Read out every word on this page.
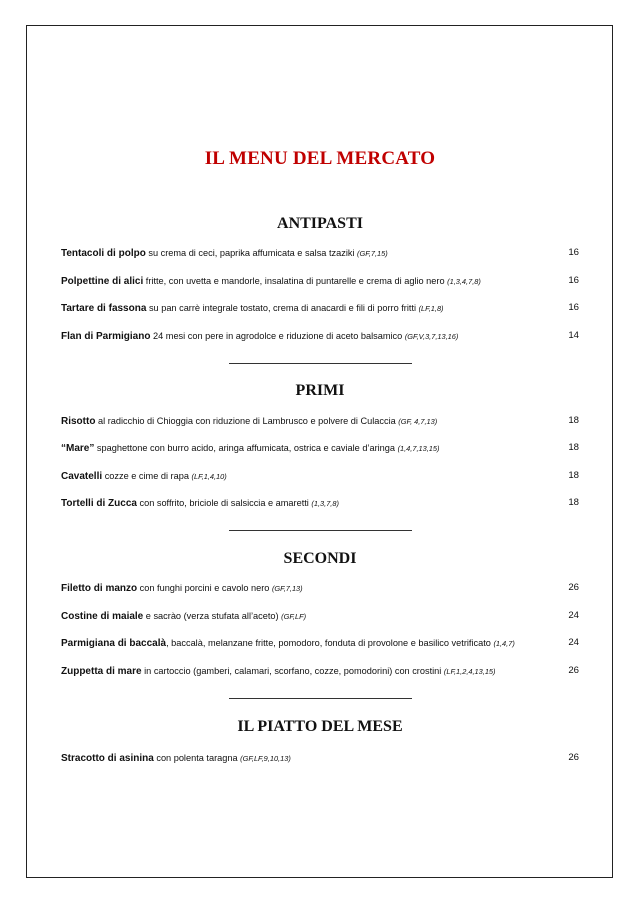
IL MENU DEL MERCATO
ANTIPASTI
Tentacoli di polpo su crema di ceci, paprika affumicata e salsa tzaziki (GF,7,15)	16
Polpettine di alici fritte, con uvetta e mandorle, insalatina di puntarelle e crema di aglio nero (1,3,4,7,8)	16
Tartare di fassona su pan carrè integrale tostato, crema di anacardi e fili di porro fritti (LF,1,8)	16
Flan di Parmigiano 24 mesi con pere in agrodolce e riduzione di aceto balsamico (GF,V,3,7,13,16)	14
PRIMI
Risotto al radicchio di Chioggia con riduzione di Lambrusco e polvere di Culaccia (GF, 4,7,13)	18
“Mare” spaghettone con burro acido, aringa affumicata, ostrica e caviale d’aringa (1,4,7,13,15)	18
Cavatelli cozze e cime di rapa (LF,1,4,10)	18
Tortelli di Zucca con soffrito, briciole di salsiccia e amaretti (1,3,7,8)	18
SECONDI
Filetto di manzo con funghi porcini e cavolo nero (GF,7,13)	26
Costine di maiale e sacrào (verza stufata all’aceto) (GF,LF)	24
Parmigiana di baccalà, baccalà, melanzane fritte, pomodoro, fonduta di provolone e basilico vetrificato (1,4,7)	24
Zuppetta di mare in cartoccio (gamberi, calamari, scorfano, cozze, pomodorini) con crostini (LF,1,2,4,13,15)	26
IL PIATTO DEL MESE
Stracotto di asinina con polenta taragna (GF,LF,9,10,13)	26
